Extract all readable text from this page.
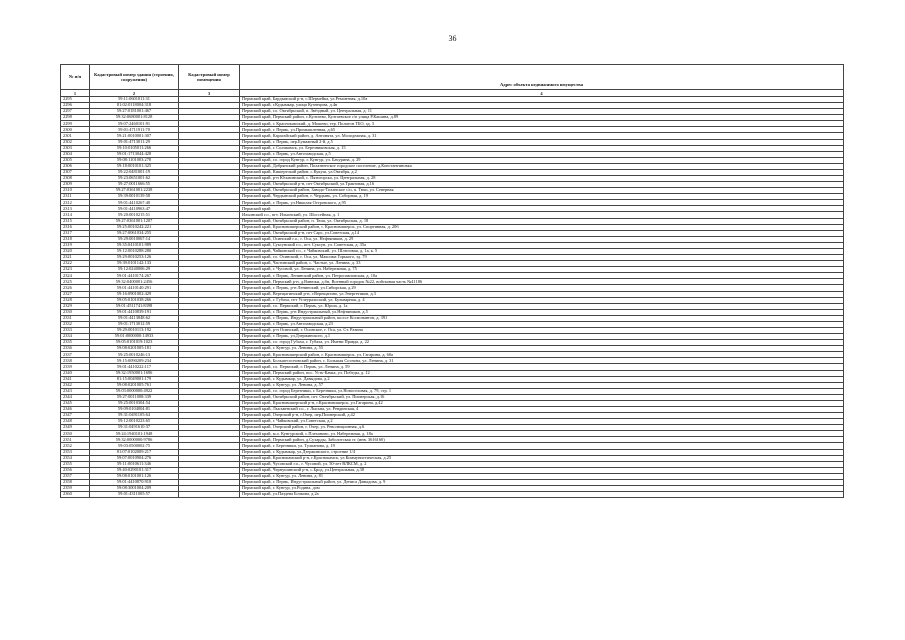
36
№ п/п	Кадастровый номер здания (строения, сооружения)	Кадастровый номер помещения	Адрес объекта недвижимого имущества
1	2	3	4
2295	59:11:0601011:31		Пермский край, Бардымский р-н, с.Шермейка, ул.Ремонтная, д.10а
2296	81:02:0118004:318		Пермский край, г.Кудымкар, улица Кузнецова, д.4в
2297	59:27:0181001:467		Пермский край, г.о. Октябрьский, п. Звёздный, ул. Центральная, д. 11
2298	59:32:0680001:8128		Пермский край, Пермский район, с.Култаево, Култаевское с/п улица Р.Кашина, д.89
2299	59:07:2460101:91		Пермский край, г. Краснокамский, д. Мошево, тер. Полигон ТБО, зд. 3
2300	59:01:4711911:70		Пермский край, г. Пермь, ул.Промышленная, д.65
2301	59:21:0010001:307		Пермский край, Карагайский район, д. Антонята, ул. Молодежная, д. 31
2302	59:01:4713011:29		Пермский край, г. Пермь, пер.Бумажный 2-й, д.5
2303	59:10:0105011:266		Пермский край, г. Соликамск, ул. Березниковская, д. 15
2304	59:01:1713044:428		Пермский край, г. Пермь, ул.Автозаводская, д.5
2305	59:08:1101003:278		Пермский край, г.о. город Кунгур, г. Кунгур, ул. Бачурина, д. 29
2306	59:18:0010101:325		Пермский край, Добрянский район, Полазненское городское поселение, д.Константиновка
2307	59:22:0481001:19		Пермский край, Кишертский район, с.Кукуш, ул.Октября, д.2
2308	59:23:0651001:62		Пермский край, р-н Юсьвинский, с. Пятигорска, ул. Центральная, д. 28
2309	59:27:0011666:55		Пермский край, Октябрьский р-н, пгт Октябрьский, ул.Трактовая, д.16
2310	59:27:0361001:2238		Пермский край, Октябрьский район, Заводо-Тиханское с/п, п. Тюш, ул. Северная
2311	59:39:0010139:58		Пермский край, Чердынский район, г. Чердынь, ул. Соборная, д. 19
2312	59:01:4410267:40		Пермский край, г. Пермь, ул.Николая Островского, д.95
2313	59:01:4410963:47		Пермский край
2314	59:20:0010215:51		Ильинский г.о., пгт. Ильинский, ул. Шоссейная, д. 1
2315	59:27:0361001:1207		Пермский край, Октябрьский район, п. Тюш, ул. Октябрьская, д. 18
2316	59:25:0010242:221		Пермский край, Красновишерский район, г. Красновишерск, ул. Спортивная, д. 20б
2317	59:27:0061034:255		Пермский край, Октябрьский р-н, пгт Сарс, ул.Советская, д.14
2318	59:29:0010067:14		Пермский край, Осинский г.о., г. Оса, ул. Нефтяников, д. 29
2319	59:35:0410101:989		Пермский край, Суксунский г.о., пгт. Суксун, ул. Советская, д. 35а
2320	59:12:0010288:280		Пермский край, Чайковский г.о., г. Чайковский, ул. Шлюзовая, д. 1а, к. 5
2321	59:29:0010253:126		Пермский край, г.о. Осинский, г. Оса, ул. Максима Горького, зд. 79
2322	59:39:0101142:133		Пермский край, Частинский район, с. Частые, ул. Ленина, д. 33
2323	59:12:0240006:29		Пермский край, г. Чусовой, ул. Ленина, ул. Набережная, д. 75
2324	59:01:4410174:267		Пермский край, г. Пермь, Ленинский район, ул. Петропавловская, д. 10а
2325	59:32:0400001:2456		Пермский край, Пермский р-н, д.Ванюки, д.бн, Военный городок №22, войсковая часть №41186
2326	59:01:4410140:291		Пермский край, г. Пермь, р-н Ленинский, ул.Сибирская, д.29
2327	59:16:0901002:429		Пермский край, Верещагинский р-н, г.Верещагино, ул.Энергетиков, д.3
2328	59:05:0101038:266		Пермский край, г. Губаха, пгт Углеуральский, ул. Бульварная, д. 4
2329	59:01:4511741:8398		Пермский край, г.о. Пермский, г. Пермь, ул. Юрша, д. 1а
2330	59:01:4410839:191		Пермский край, г. Пермь, р-н Индустриальный, ул.Нефтяников, д.5
2331	59:01:4413848:62		Пермский край, г. Пермь, Индустриальный район, шоссе Космонавтов, д. 391
2332	59:01:1713012:59		Пермский край, г. Пермь, ул.Автозаводская, д.23
2333	59:29:0010113:192		Пермский край, р-н Осинский, г. Осинское, г. Оса, ул. Ст. Разина
2334	59:01:0000000:14933		Пермский край, г. Пермь, ул.Дзержинского, д.1
2335	59:05:0101019:1023		Пермский край, г.о. город Губаха, г. Губаха, ул. Имени Правда, д. 22
2336	59:08:0201005:181		Пермский край, г. Кунгур, ул. Ленина, д. 55
2337	59:25:0010246:13		Пермский край, Красновишерский район, г. Красновишерск, ул. Гагарина, д. 60а
2338	59:15:0090209:234		Пермский край, Большесосновский район, с. Большая Соснова, ул. Ленина, д. 31
2339	59:01:4410222:117		Пермский край, г.о. Пермский, г. Пермь, ул. Ленина, д. 59
2340	59:32:1950001:1696		Пермский край, Пермский район, пос. Усть-Качка, ул. Победы, д. 12
2341	81:15:0049001:179		Пермский край, г. Кудымкар, ул. Давыдова, д.2
2342	59:08:0201005:761		Пермский край, г. Кунгур, ул. Ленина, д. 57
2343	59:03:0000000:4922		Пермский край, г.о. город Березники, г. Березники, ул.Новоселовая, д. 79, стр. 1
2344	59:27:0011008:339		Пермский край, Октябрьский район, пгт. Октябрьский, ул. Пионерская, д.16
2345	59:25:0010304:54		Пермский край, Красновишерский р-н, г.Красновишерск, ул.Гагарина, д.42
2346	59:09:0104004:81		Пермский край, Лысьвенский г.о., г. Лысьва, ул. Ревдинская, 4
2347	59:31:0491105:64		Пермский край, Очерский р-н, г.Очер, пер.Пионерский, д.42
2348	59:12:0010223:65		Пермский край, г. Чайковский, ул.Советская, д.2
2349	59:31:0491610:37		Пермский край, Очерский район, г. Очер, ул. Революционная, д.6
2350	59:24:1940101:1948		Пермский край, м.о. Кунгурский, с.Плеханово, ул. Набережная, д. 18а
2351	59:32:0000000:9786		Пермский край, Пермский район, д.Сухарды, Заболотская ст. (инв. 3616160)
2352	59:03:0500002:75		Пермский край, г. Березники, ул. Тулпанова, д. 19
2353	81:07:0102009:217		Пермский край, г. Кудымкар, ул.Дзержинского, строение 1/4
2354	59:07:0010904:276		Пермский край, Краснокамский р-н, г.Краснокамск, ул.Коммунистическая, д.25
2355	59:11:0010611:346		Пермский край, Чусовской г.о., г. Чусовой, ул. 50-лет ВЛКСМ, д. 2
2356	59:40:0290101:317		Пермский край, Чернушинский р-н, с.Брод, ул.Центральная, д.38
2357	59:08:0101001:126		Пермский край, г. Кунгур, ул. Ленина, д. 81
2358	59:01:4410870:918		Пермский край, г. Пермь, Индустриальный район, ул. Дениса Давыдова, д. 9
2359	59:08:3001004:209		Пермский край, г. Кунгур, ул.Родина, дом
2360	59:01:4311005:57		Пермский край, ул.Паздева Бочкова, д.2а
